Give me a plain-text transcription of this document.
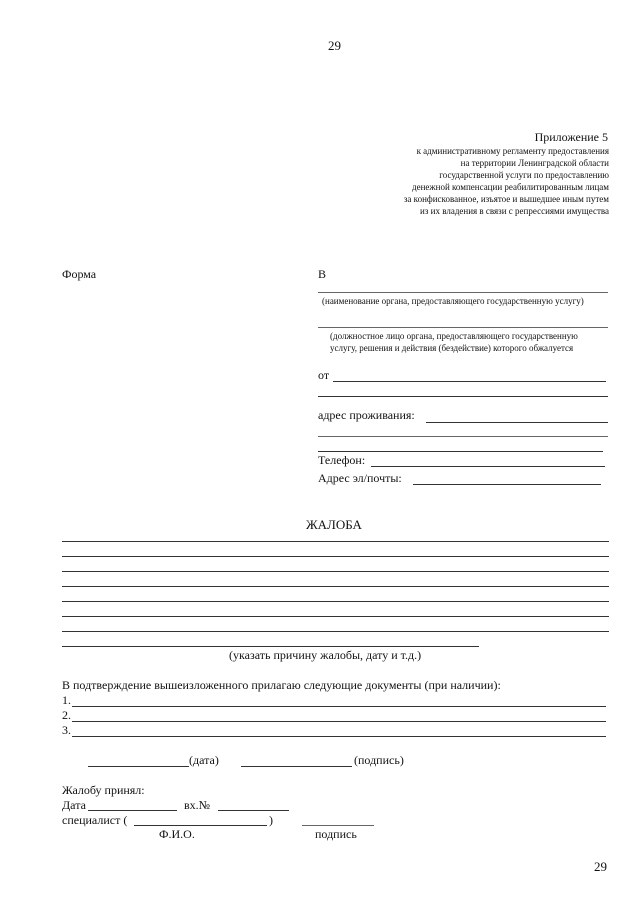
29
29
Приложение 5
к административному регламенту предоставления
на территории Ленинградской области
государственной услуги по предоставлению
денежной компенсации реабилитированным лицам
за конфискованное, изъятое и вышедшее иным путем
из их владения в связи с репрессиями имущества
Форма	В
(наименование органа, предоставляющего государственную услугу)
(должностное лицо органа, предоставляющего государственную
услугу, решения и действия (бездействие) которого обжалуется
от
адрес проживания:
Телефон:
Адрес эл/почты:
ЖАЛОБА
(указать причину жалобы, дату и т.д.)
В подтверждение вышеизложенного прилагаю следующие документы (при наличии):
1.
2.
3.
(дата)	(подпись)
Жалобу принял:
Дата	вх.№
специалист (	)
Ф.И.О.	подпись
